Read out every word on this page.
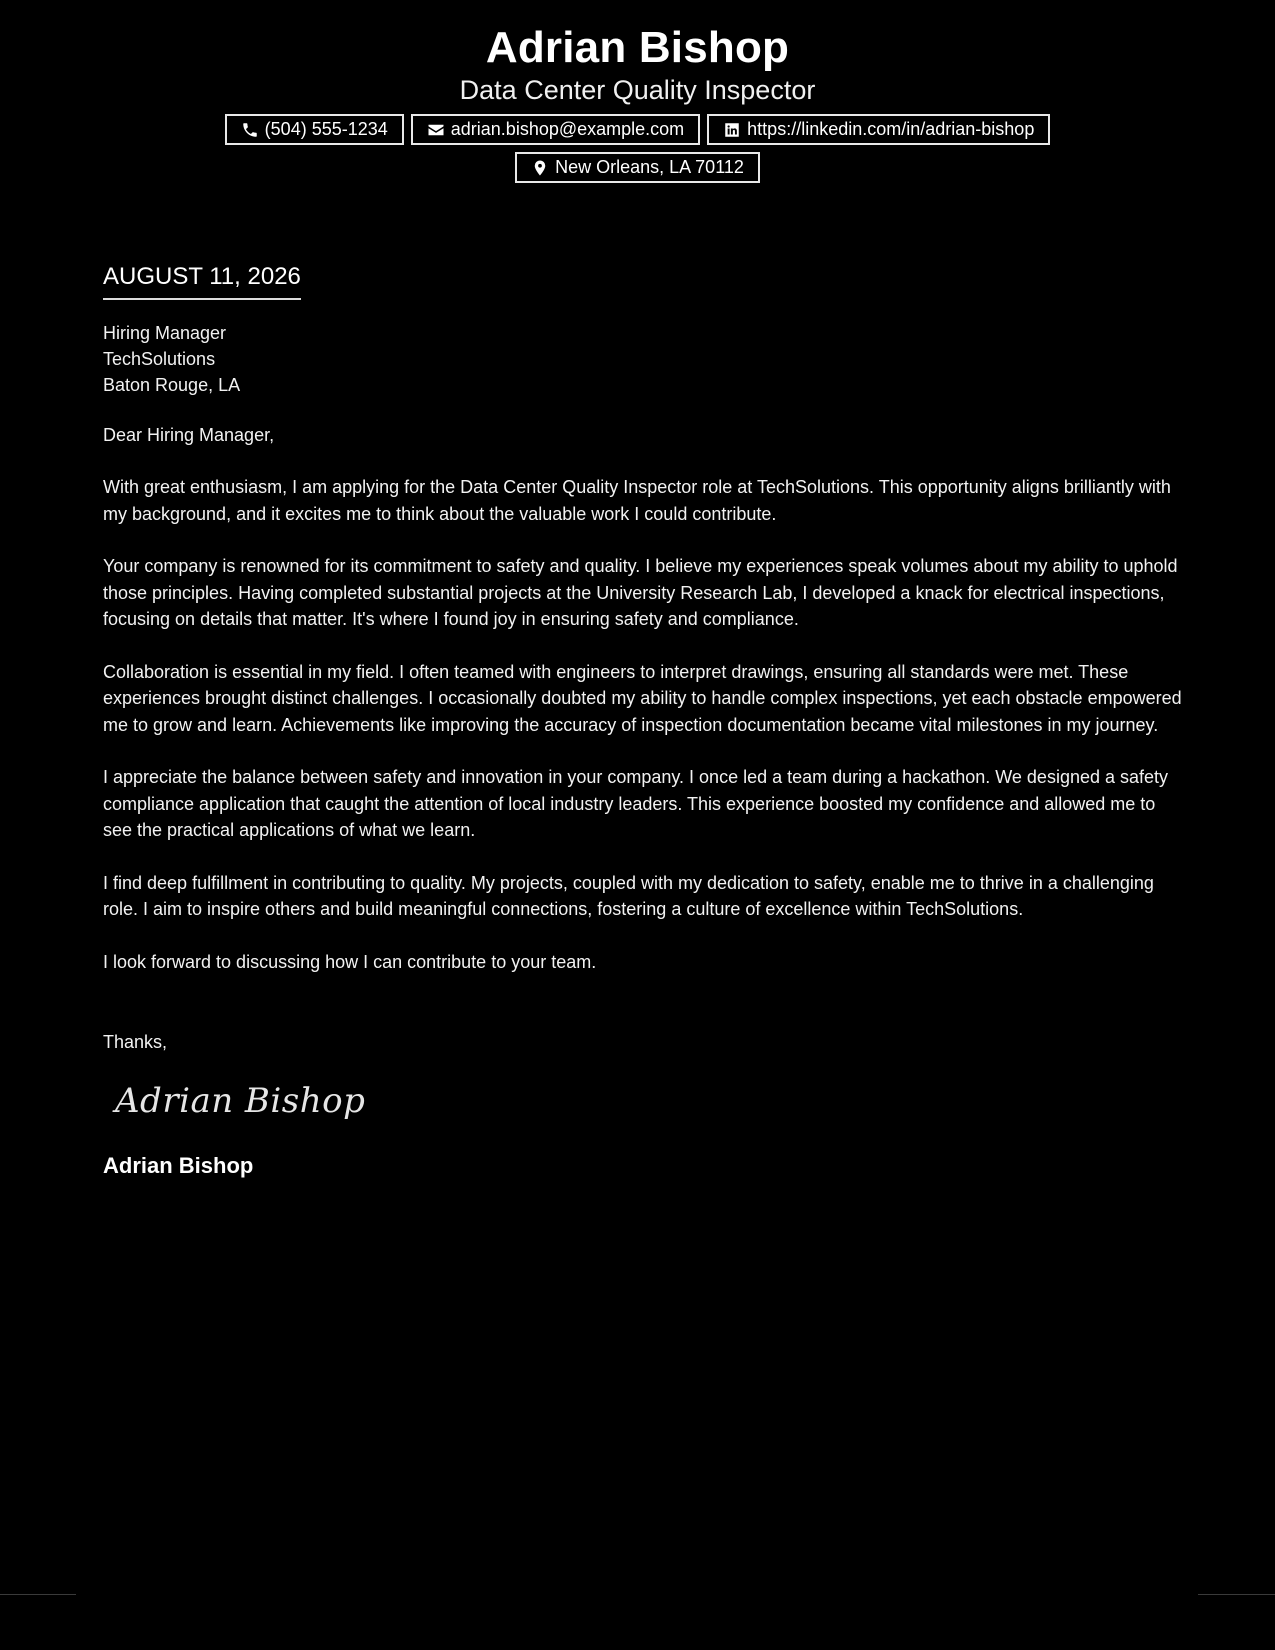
Adrian Bishop

Data Center Quality Inspector

(504) 555-1234	adrian.bishop@example.com	https://linkedin.com/in/adrian-bishop
New Orleans, LA 70112
AUGUST 11, 2026

Hiring Manager

TechSolutions

Baton Rouge, LA

Dear Hiring Manager,

With great enthusiasm, I am applying for the Data Center Quality Inspector role at TechSolutions. This opportunity aligns brilliantly with my background, and it excites me to think about the valuable work I could contribute.

Your company is renowned for its commitment to safety and quality. I believe my experiences speak volumes about my ability to uphold those principles. Having completed substantial projects at the University Research Lab, I developed a knack for electrical inspections, focusing on details that matter. It's where I found joy in ensuring safety and compliance.

Collaboration is essential in my field. I often teamed with engineers to interpret drawings, ensuring all standards were met. These experiences brought distinct challenges. I occasionally doubted my ability to handle complex inspections, yet each obstacle empowered me to grow and learn. Achievements like improving the accuracy of inspection documentation became vital milestones in my journey.

I appreciate the balance between safety and innovation in your company. I once led a team during a hackathon. We designed a safety compliance application that caught the attention of local industry leaders. This experience boosted my confidence and allowed me to see the practical applications of what we learn.

I find deep fulfillment in contributing to quality. My projects, coupled with my dedication to safety, enable me to thrive in a challenging role. I aim to inspire others and build meaningful connections, fostering a culture of excellence within TechSolutions.

I look forward to discussing how I can contribute to your team.

Thanks,

Adrian Bishop
Adrian Bishop
